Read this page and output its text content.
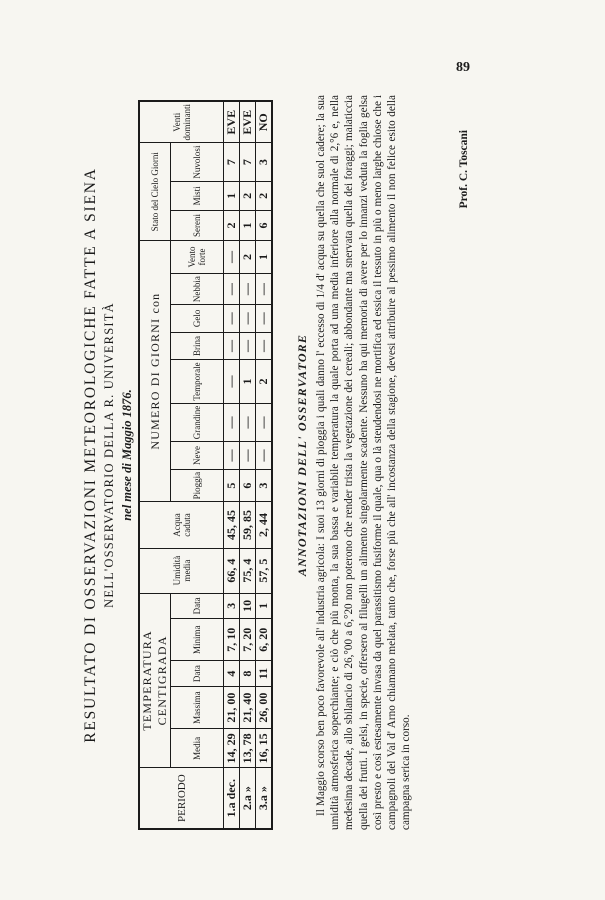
89
RESULTATO DI OSSERVAZIONI METEOROLOGICHE FATTE A SIENA NELL'OSSERVATORIO DELLA R. UNIVERSITÀ nel mese di Maggio 1876.
PERIODO	TEMPERATURA CENTIGRADA					Umidità media	Acqua caduta	NUMERO DI GIORNI con								Stato del Cielo Giorni			Venti dominanti
	Media	Massima	Data	Minima	Data			Pioggia	Neve	Grandine	Temporale	Brina	Gelo	Nebbia	Vento forte	Sereni	Misti	Nuvolosi	
1.a dec.	14, 29	21, 00	4	7, 10	3	66, 4	45, 45	5	—	—	—	—	—	—	—	2	1	7	EVE
2.a »	13, 78	21, 40	8	7, 20	10	75, 4	59, 85	6	—	—	1	—	—	—	2	1	2	7	EVE
3.a »	16, 15	26, 00	11	6, 20	1	57, 5	2, 44	3	—	—	2	—	—	—	1	6	2	3	NO
ANNOTAZIONI DELL' OSSERVATORE Il Maggio scorso ben poco favorevole all' industria agricola: I suoi 13 giorni di pioggia i quali danno l' eccesso di 1/4 d' acqua su quella che suol cadere; la sua umidità atmosferica soperchiante; e ciò che più monta, la sua bassa e variabile temperatura la quale porta ad una media inferiore alla normale di 2,°6 e, nella medesima decade, allo sbilancio di 26,°00 a 6,°20 non poterono che render trista la vegetazione dei cereali; abbondante ma snervata quella dei foraggi; malaticcia quella dei frutti. I gelsi, in specie, offersero al filugelli un alimento singolarmente scadente. Nessuno ha qui memoria di avere per lo innanzi veduta la foglia gelsa così presto e così estesamente invasa da quel parassitismo fusiforme il quale, qua o là steudendosi ne mortifica ed essica il tessuto in più o meno larghe chiose che i campagnoli del Val d' Arno chiamano melata, tanto che, forse più che all' incostanza della stagione, devesi attribuire al pessimo alimento il non felice esito della campagna serica in corso.

Prof. C. Toscani
